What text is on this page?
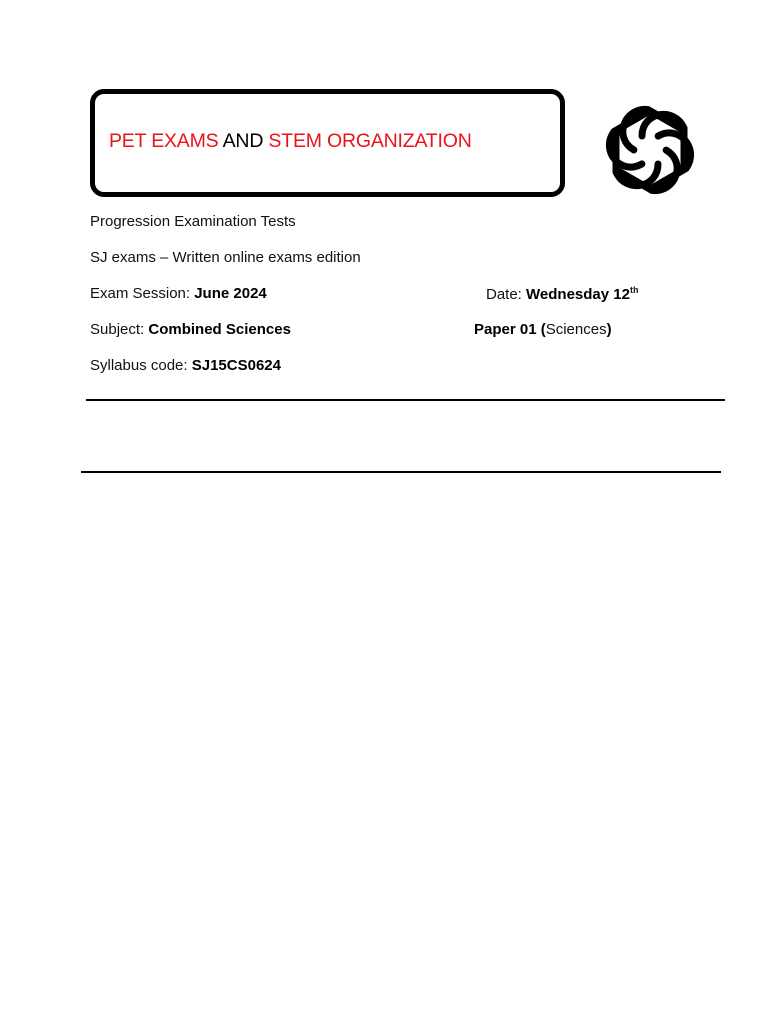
PET EXAMS AND STEM ORGANIZATION
Progression Examination Tests
SJ exams – Written online exams edition
Exam Session: June 2024	Date: Wednesday 12th
Subject: Combined Sciences	Paper 01 (Sciences)
Syllabus code: SJ15CS0624
